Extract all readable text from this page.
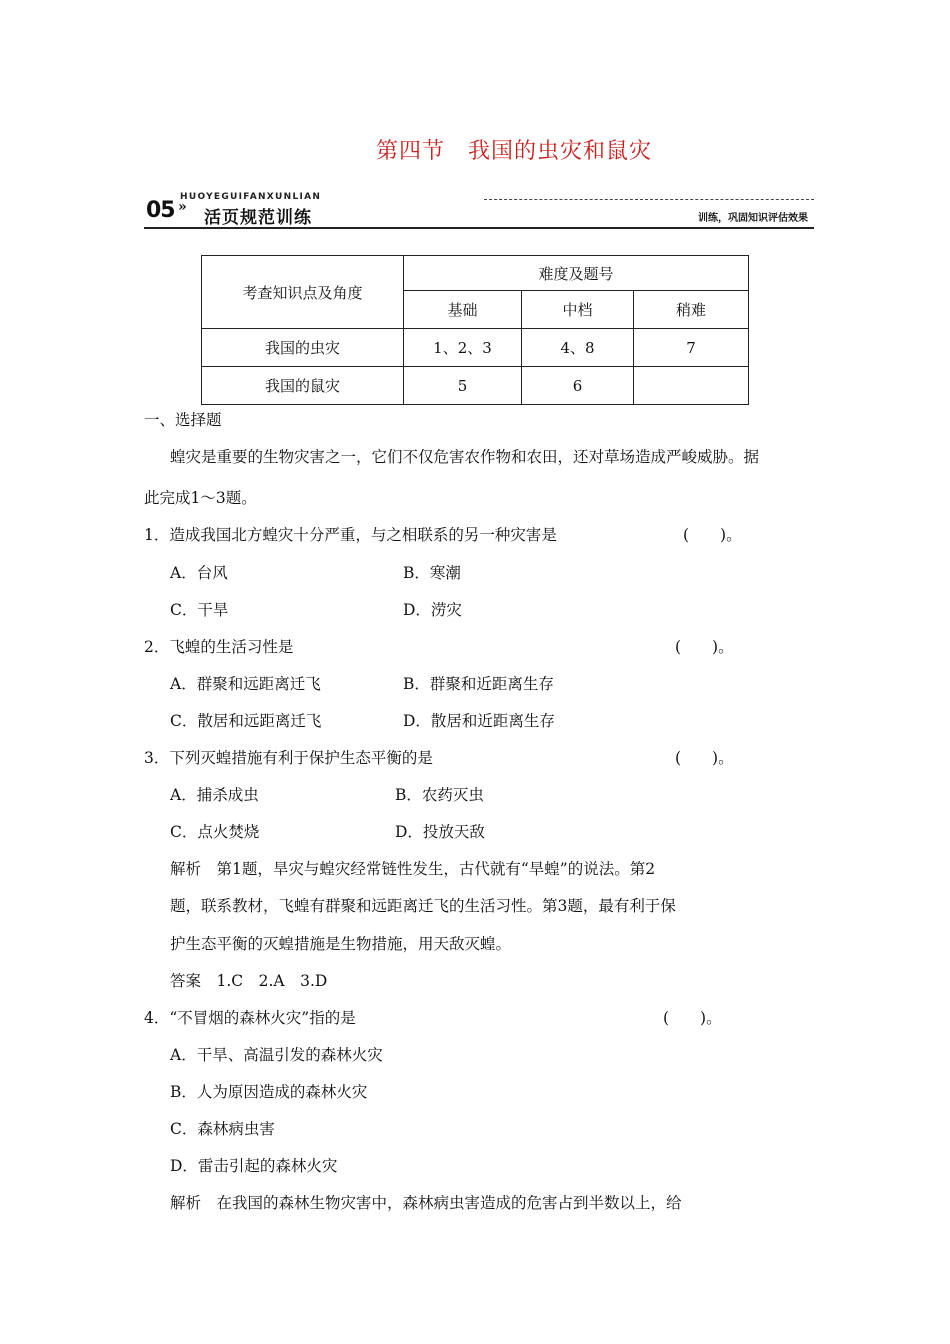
第四节　我国的虫灾和鼠灾
05 »
HUOYEGUIFANXUNLIAN
活页规范训练	训练，巩固知识评估效果
考查知识点及角度	难度及题号		
	基础	中档	稍难
我国的虫灾	1、2、3	4、8	7
我国的鼠灾	5	6	
一、选择题
蝗灾是重要的生物灾害之一，它们不仅危害农作物和农田，还对草场造成严峻威胁。据
此完成1～3题。
1．造成我国北方蝗灾十分严重，与之相联系的另一种灾害是	(　　)。
A．台风	B．寒潮
C．干旱	D．涝灾
2．飞蝗的生活习性是	(　　)。
A．群聚和远距离迁飞	B．群聚和近距离生存
C．散居和远距离迁飞	D．散居和近距离生存
3．下列灭蝗措施有利于保护生态平衡的是	(　　)。
A．捕杀成虫	B．农药灭虫
C．点火焚烧	D．投放天敌
解析　第1题，旱灾与蝗灾经常链性发生，古代就有“旱蝗”的说法。第2
题，联系教材，飞蝗有群聚和远距离迁飞的生活习性。第3题，最有利于保
护生态平衡的灭蝗措施是生物措施，用天敌灭蝗。
答案　1.C　2.A　3.D
4．“不冒烟的森林火灾”指的是	(　　)。
A．干旱、高温引发的森林火灾
B．人为原因造成的森林火灾
C．森林病虫害
D．雷击引起的森林火灾
解析　在我国的森林生物灾害中，森林病虫害造成的危害占到半数以上，给
